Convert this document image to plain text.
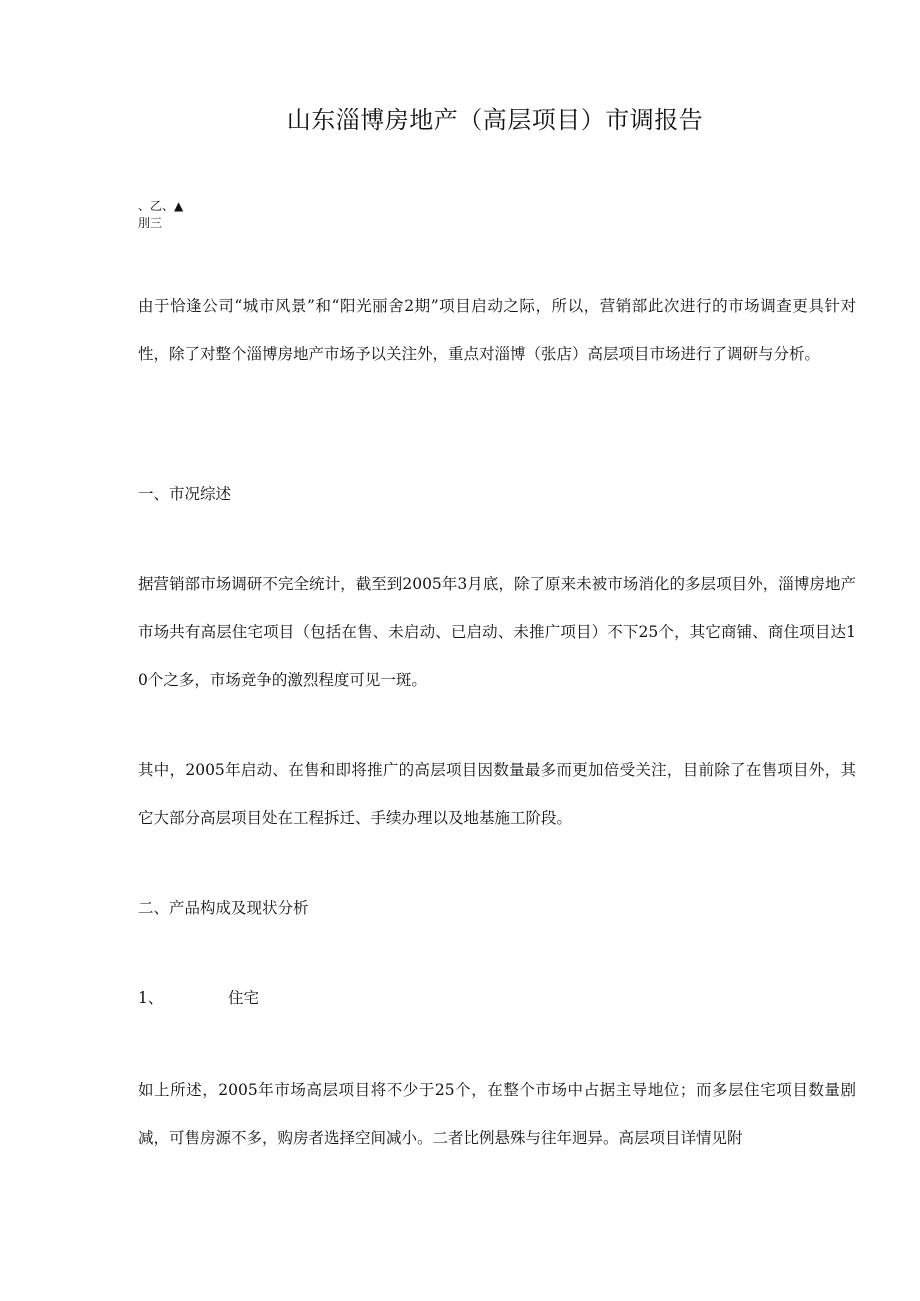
山东淄博房地产（高层项目）市调报告
、乙、▲
刖三

由于恰逢公司“城市风景”和“阳光丽舍2期”项目启动之际，所以，营销部此次进行的市场调查更具针对性，除了对整个淄博房地产市场予以关注外，重点对淄博（张店）高层项目市场进行了调研与分析。

一、市况综述

据营销部市场调研不完全统计，截至到2005年3月底，除了原来未被市场消化的多层项目外，淄博房地产市场共有高层住宅项目（包括在售、未启动、已启动、未推广项目）不下25个，其它商铺、商住项目达10个之多，市场竞争的激烈程度可见一斑。

其中，2005年启动、在售和即将推广的高层项目因数量最多而更加倍受关注，目前除了在售项目外，其它大部分高层项目处在工程拆迁、手续办理以及地基施工阶段。

二、产品构成及现状分析
1、	住宅

如上所述，2005年市场高层项目将不少于25个，在整个市场中占据主导地位；而多层住宅项目数量剧减，可售房源不多，购房者选择空间减小。二者比例悬殊与往年迥异。高层项目详情见附
